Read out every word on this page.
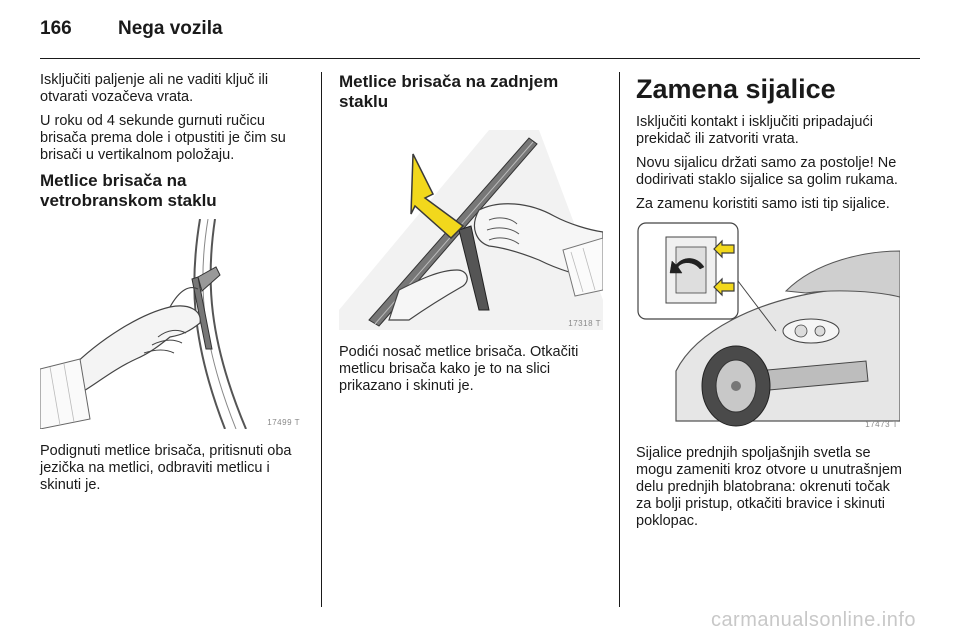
166	Nega vozila

Isključiti paljenje ali ne vaditi ključ ili otvarati vozačeva vrata.

U roku od 4 sekunde gurnuti ručicu brisača prema dole i otpustiti je čim su brisači u vertikalnom položaju.

Metlice brisača na vetrobranskom staklu
17499 T

Podignuti metlice brisača, pritisnuti oba jezička na metlici, odbraviti metlicu i skinuti je.

Metlice brisača na zadnjem staklu
17318 T

Podići nosač metlice brisača. Otkačiti metlicu brisača kako je to na slici prikazano i skinuti je.

Zamena sijalice

Isključiti kontakt i isključiti pripadajući prekidač ili zatvoriti vrata.

Novu sijalicu držati samo za postolje! Ne dodirivati staklo sijalice sa golim rukama.

Za zamenu koristiti samo isti tip sijalice.

17473 T

Sijalice prednjih spoljašnjih svetla se mogu zameniti kroz otvore u unutrašnjem delu prednjih blatobrana: okrenuti točak za bolji pristup, otkačiti bravice i skinuti poklopac.

carmanualsonline.info
